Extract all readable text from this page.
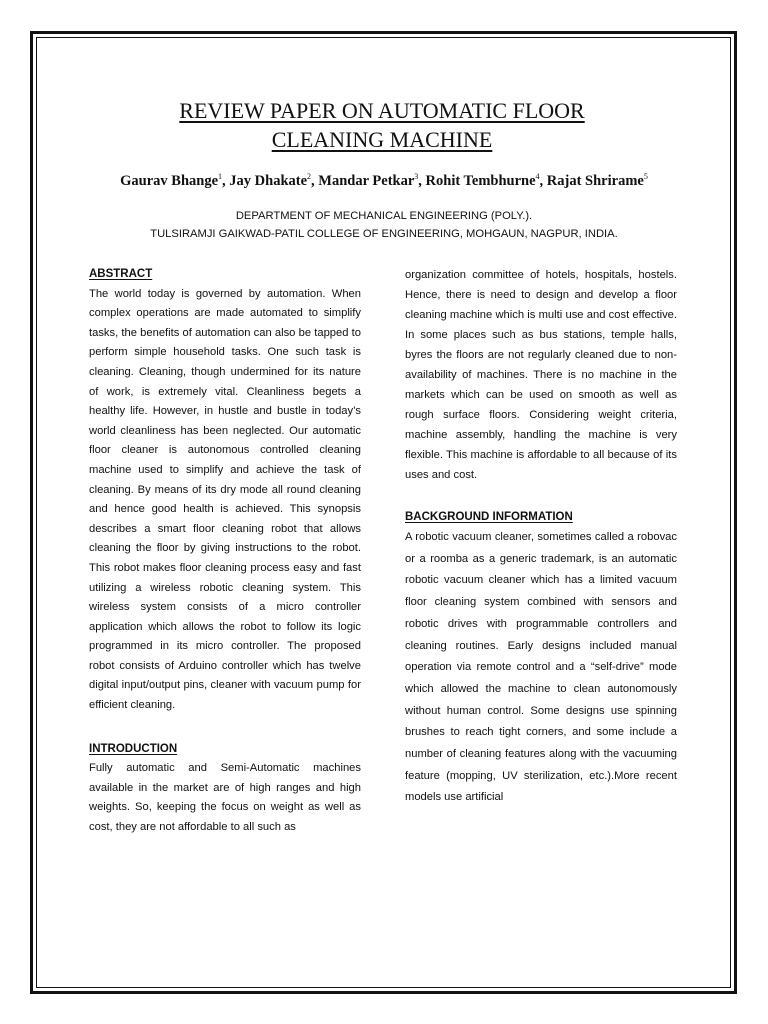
REVIEW PAPER ON AUTOMATIC FLOOR
CLEANING MACHINE
Gaurav Bhange$^1$, Jay Dhakate$^2$, Mandar Petkar$^3$, Rohit Tembhurne$^4$, Rajat Shrirame$^5$
DEPARTMENT OF MECHANICAL ENGINEERING (POLY.).
TULSIRAMJI GAIKWAD-PATIL COLLEGE OF ENGINEERING, MOHGAUN, NAGPUR, INDIA.

ABSTRACT

The world today is governed by automation. When complex operations are made automated to simplify tasks, the benefits of automation can also be tapped to perform simple household tasks. One such task is cleaning. Cleaning, though undermined for its nature of work, is extremely vital. Cleanliness begets a healthy life. However, in hustle and bustle in today’s world cleanliness has been neglected. Our automatic floor cleaner is autonomous controlled cleaning machine used to simplify and achieve the task of cleaning. By means of its dry mode all round cleaning and hence good health is achieved. This synopsis describes a smart floor cleaning robot that allows cleaning the floor by giving instructions to the robot. This robot makes floor cleaning process easy and fast utilizing a wireless robotic cleaning system. This wireless system consists of a micro controller application which allows the robot to follow its logic programmed in its micro controller. The proposed robot consists of Arduino controller which has twelve digital input/output pins, cleaner with vacuum pump for efficient cleaning.

INTRODUCTION

Fully automatic and Semi-Automatic machines available in the market are of high ranges and high weights. So, keeping the focus on weight as well as cost, they are not affordable to all such as

organization committee of hotels, hospitals, hostels. Hence, there is need to design and develop a floor cleaning machine which is multi use and cost effective. In some places such as bus stations, temple halls, byres the floors are not regularly cleaned due to non-availability of machines. There is no machine in the markets which can be used on smooth as well as rough surface floors. Considering weight criteria, machine assembly, handling the machine is very flexible. This machine is affordable to all because of its uses and cost.

BACKGROUND INFORMATION

A robotic vacuum cleaner, sometimes called a robovac or a roomba as a generic trademark, is an automatic robotic vacuum cleaner which has a limited vacuum floor cleaning system combined with sensors and robotic drives with programmable controllers and cleaning routines. Early designs included manual operation via remote control and a “self-drive” mode which allowed the machine to clean autonomously without human control. Some designs use spinning brushes to reach tight corners, and some include a number of cleaning features along with the vacuuming feature (mopping, UV sterilization, etc.).More recent models use artificial
